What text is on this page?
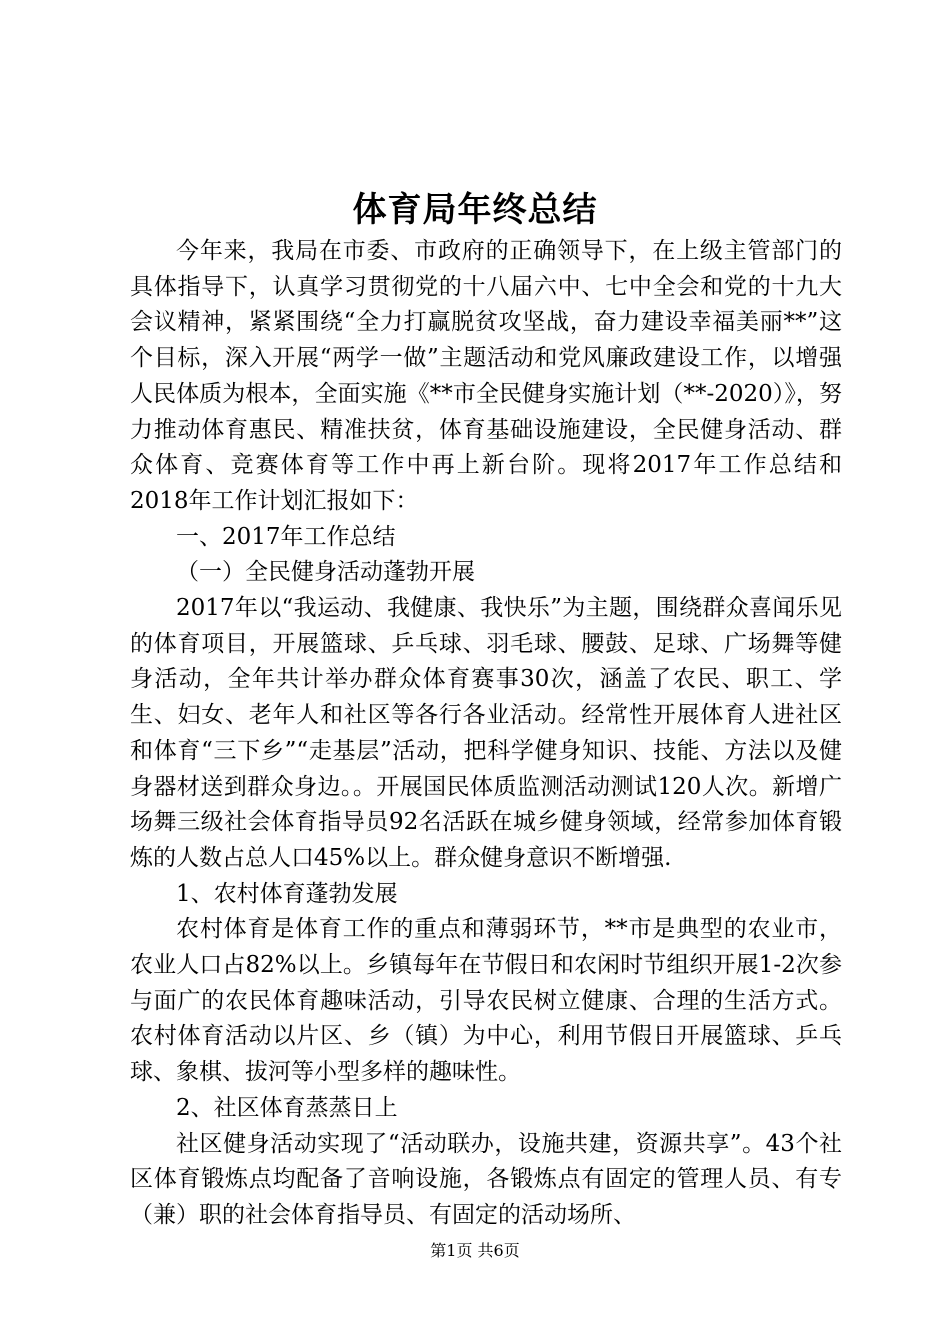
体育局年终总结

今年来，我局在市委、市政府的正确领导下，在上级主管部门的具体指导下，认真学习贯彻党的十八届六中、七中全会和党的十九大会议精神，紧紧围绕“全力打赢脱贫攻坚战，奋力建设幸福美丽**”这个目标，深入开展“两学一做”主题活动和党风廉政建设工作，以增强人民体质为根本，全面实施《**市全民健身实施计划（**-2020）》，努力推动体育惠民、精准扶贫，体育基础设施建设，全民健身活动、群众体育、竞赛体育等工作中再上新台阶。现将2017年工作总结和2018年工作计划汇报如下：

一、2017年工作总结

（一）全民健身活动蓬勃开展

2017年以“我运动、我健康、我快乐”为主题，围绕群众喜闻乐见的体育项目，开展篮球、乒乓球、羽毛球、腰鼓、足球、广场舞等健身活动，全年共计举办群众体育赛事30次，涵盖了农民、职工、学生、妇女、老年人和社区等各行各业活动。经常性开展体育人进社区和体育“三下乡”“走基层”活动，把科学健身知识、技能、方法以及健身器材送到群众身边。。开展国民体质监测活动测试120人次。新增广场舞三级社会体育指导员92名活跃在城乡健身领域，经常参加体育锻炼的人数占总人口45%以上。群众健身意识不断增强.

1、农村体育蓬勃发展

农村体育是体育工作的重点和薄弱环节，**市是典型的农业市，农业人口占82%以上。乡镇每年在节假日和农闲时节组织开展1-2次参与面广的农民体育趣味活动，引导农民树立健康、合理的生活方式。农村体育活动以片区、乡（镇）为中心，利用节假日开展篮球、乒乓球、象棋、拔河等小型多样的趣味性。

2、社区体育蒸蒸日上

社区健身活动实现了“活动联办，设施共建，资源共享”。43个社区体育锻炼点均配备了音响设施，各锻炼点有固定的管理人员、有专（兼）职的社会体育指导员、有固定的活动场所、

第1页 共6页
